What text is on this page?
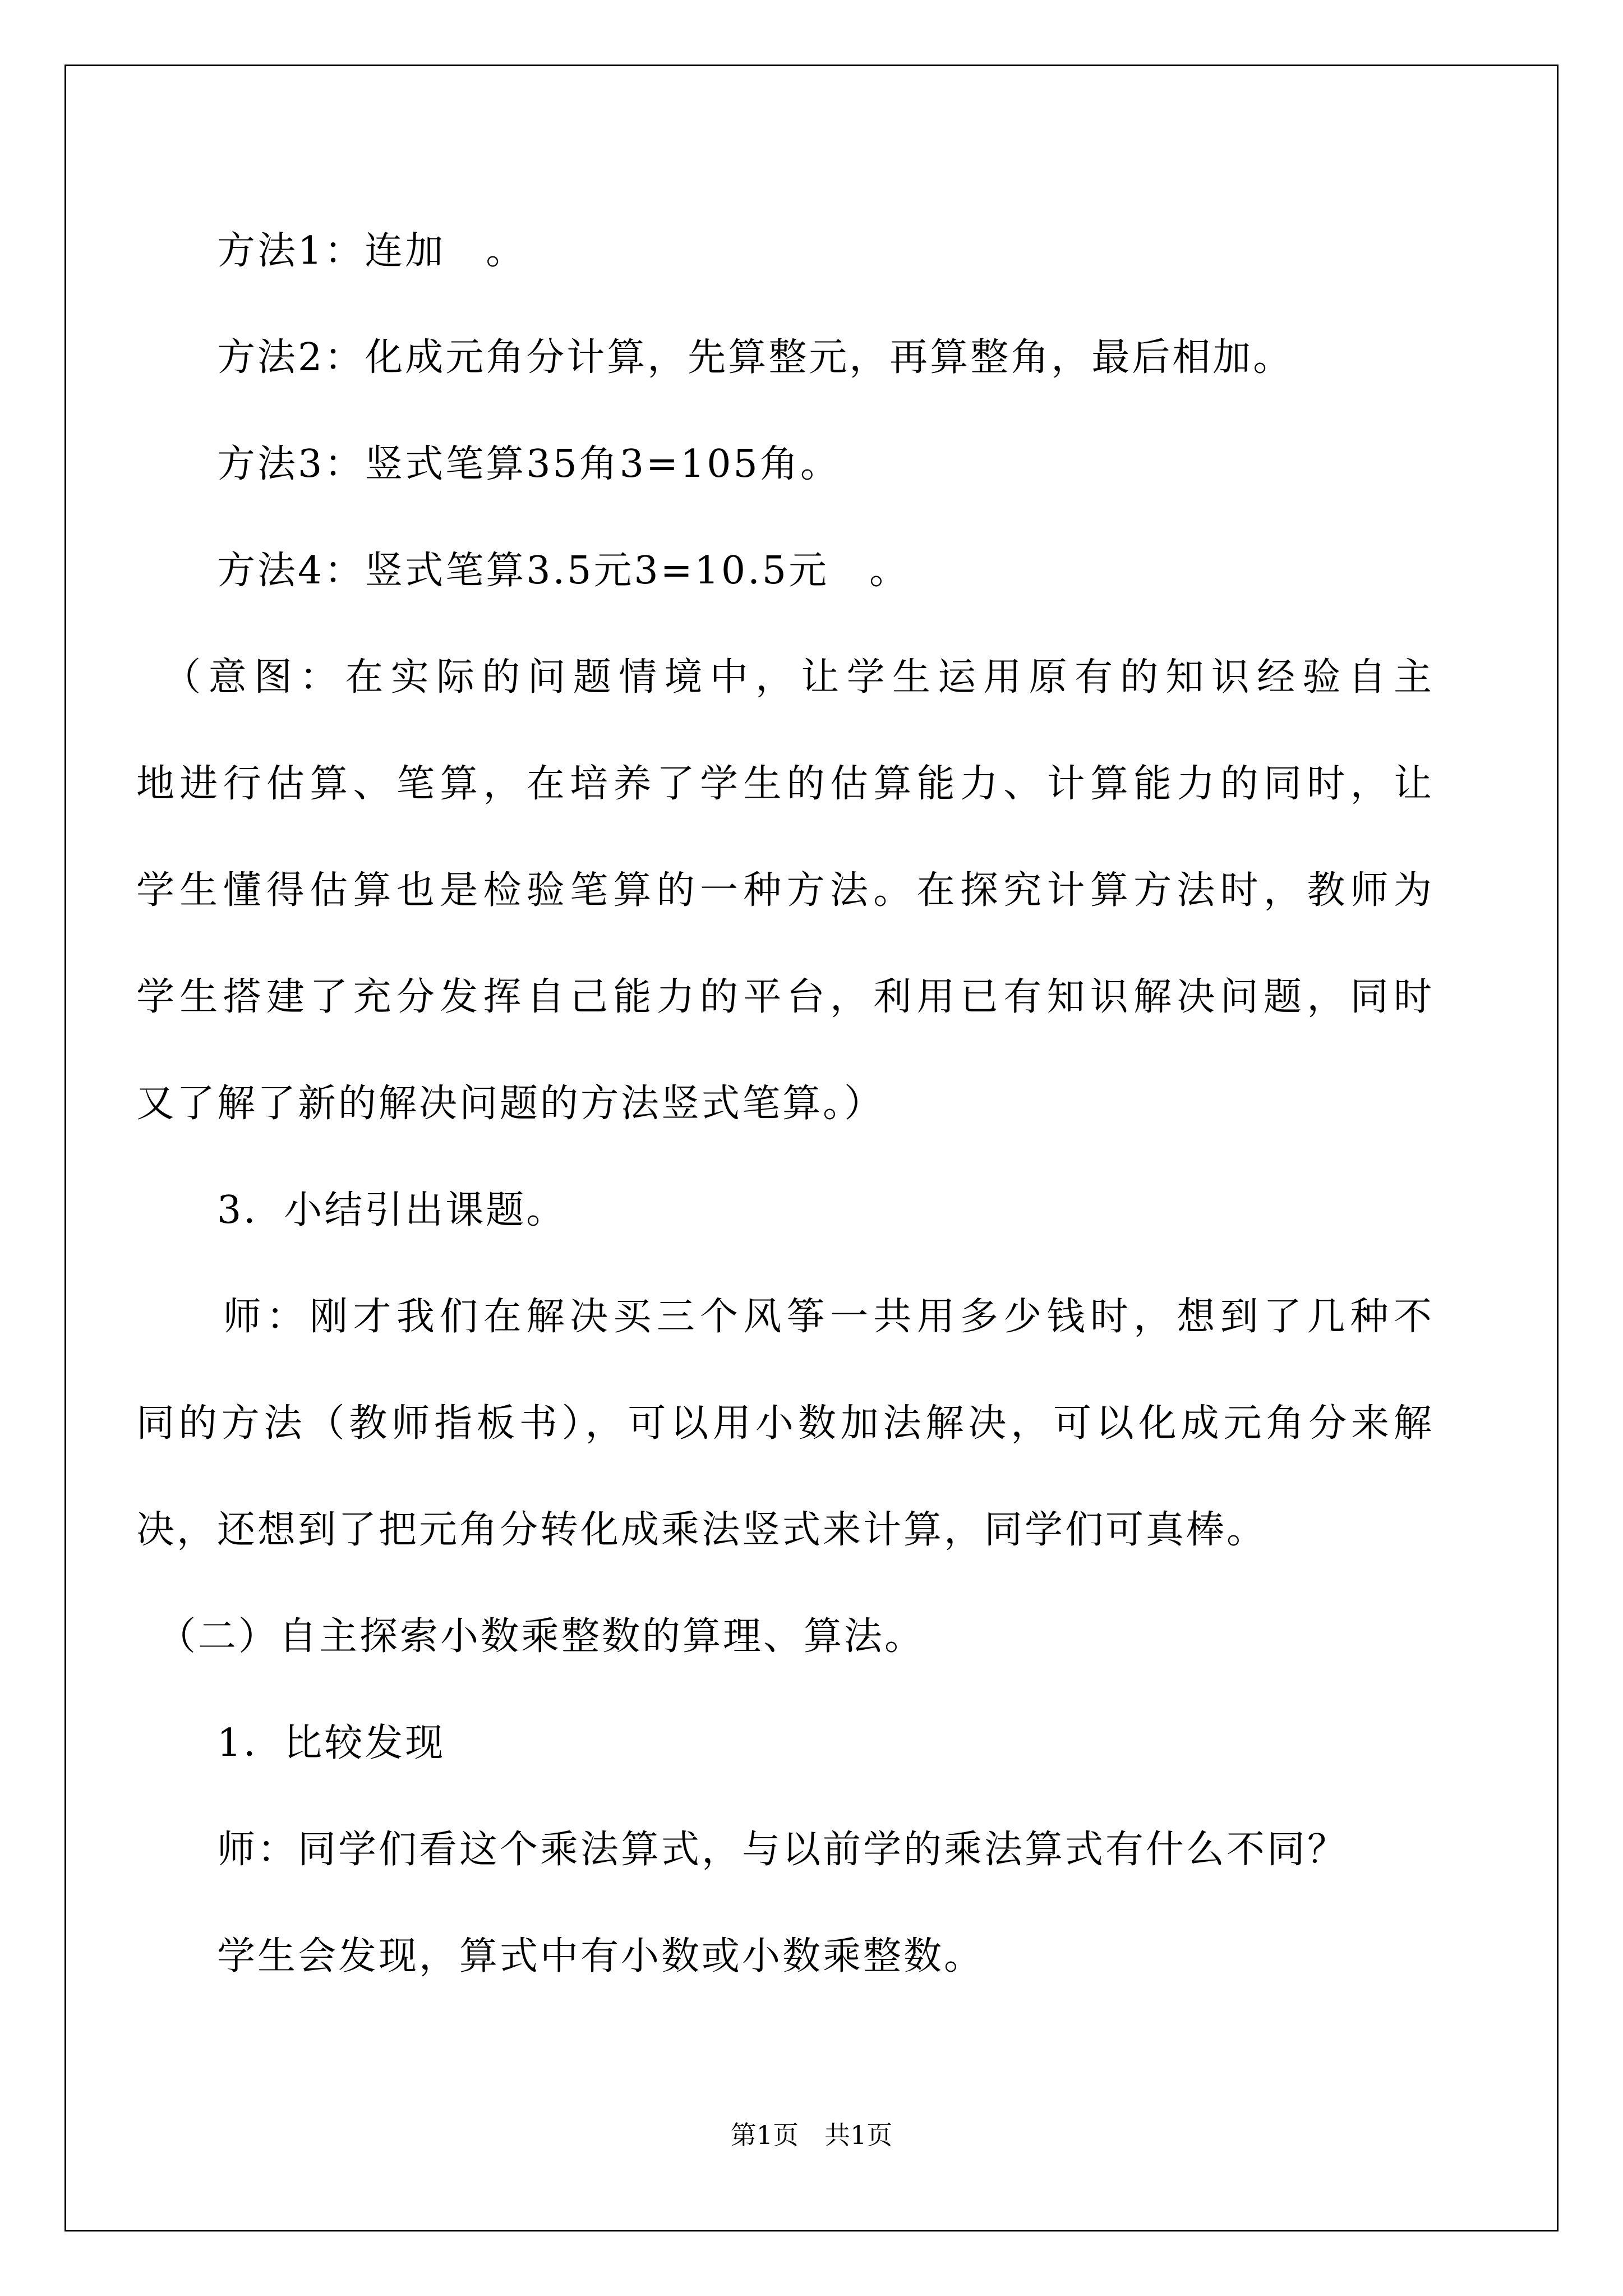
　　方法1：连加　。
　　方法2：化成元角分计算，先算整元，再算整角，最后相加。
　　方法3：竖式笔算35角3=105角。
　　方法4：竖式笔算3.5元3=10.5元　。
　（意图：在实际的问题情境中，让学生运用原有的知识经验自主
地进行估算、笔算，在培养了学生的估算能力、计算能力的同时，让
学生懂得估算也是检验笔算的一种方法。在探究计算方法时，教师为
学生搭建了充分发挥自己能力的平台，利用已有知识解决问题，同时
又了解了新的解决问题的方法竖式笔算。）
　　3．小结引出课题。
　　师：刚才我们在解决买三个风筝一共用多少钱时，想到了几种不
同的方法（教师指板书），可以用小数加法解决，可以化成元角分来解
决，还想到了把元角分转化成乘法竖式来计算，同学们可真棒。
　（二）自主探索小数乘整数的算理、算法。
　　1．比较发现
　　师：同学们看这个乘法算式，与以前学的乘法算式有什么不同？
　　学生会发现，算式中有小数或小数乘整数。
第1页　共1页
